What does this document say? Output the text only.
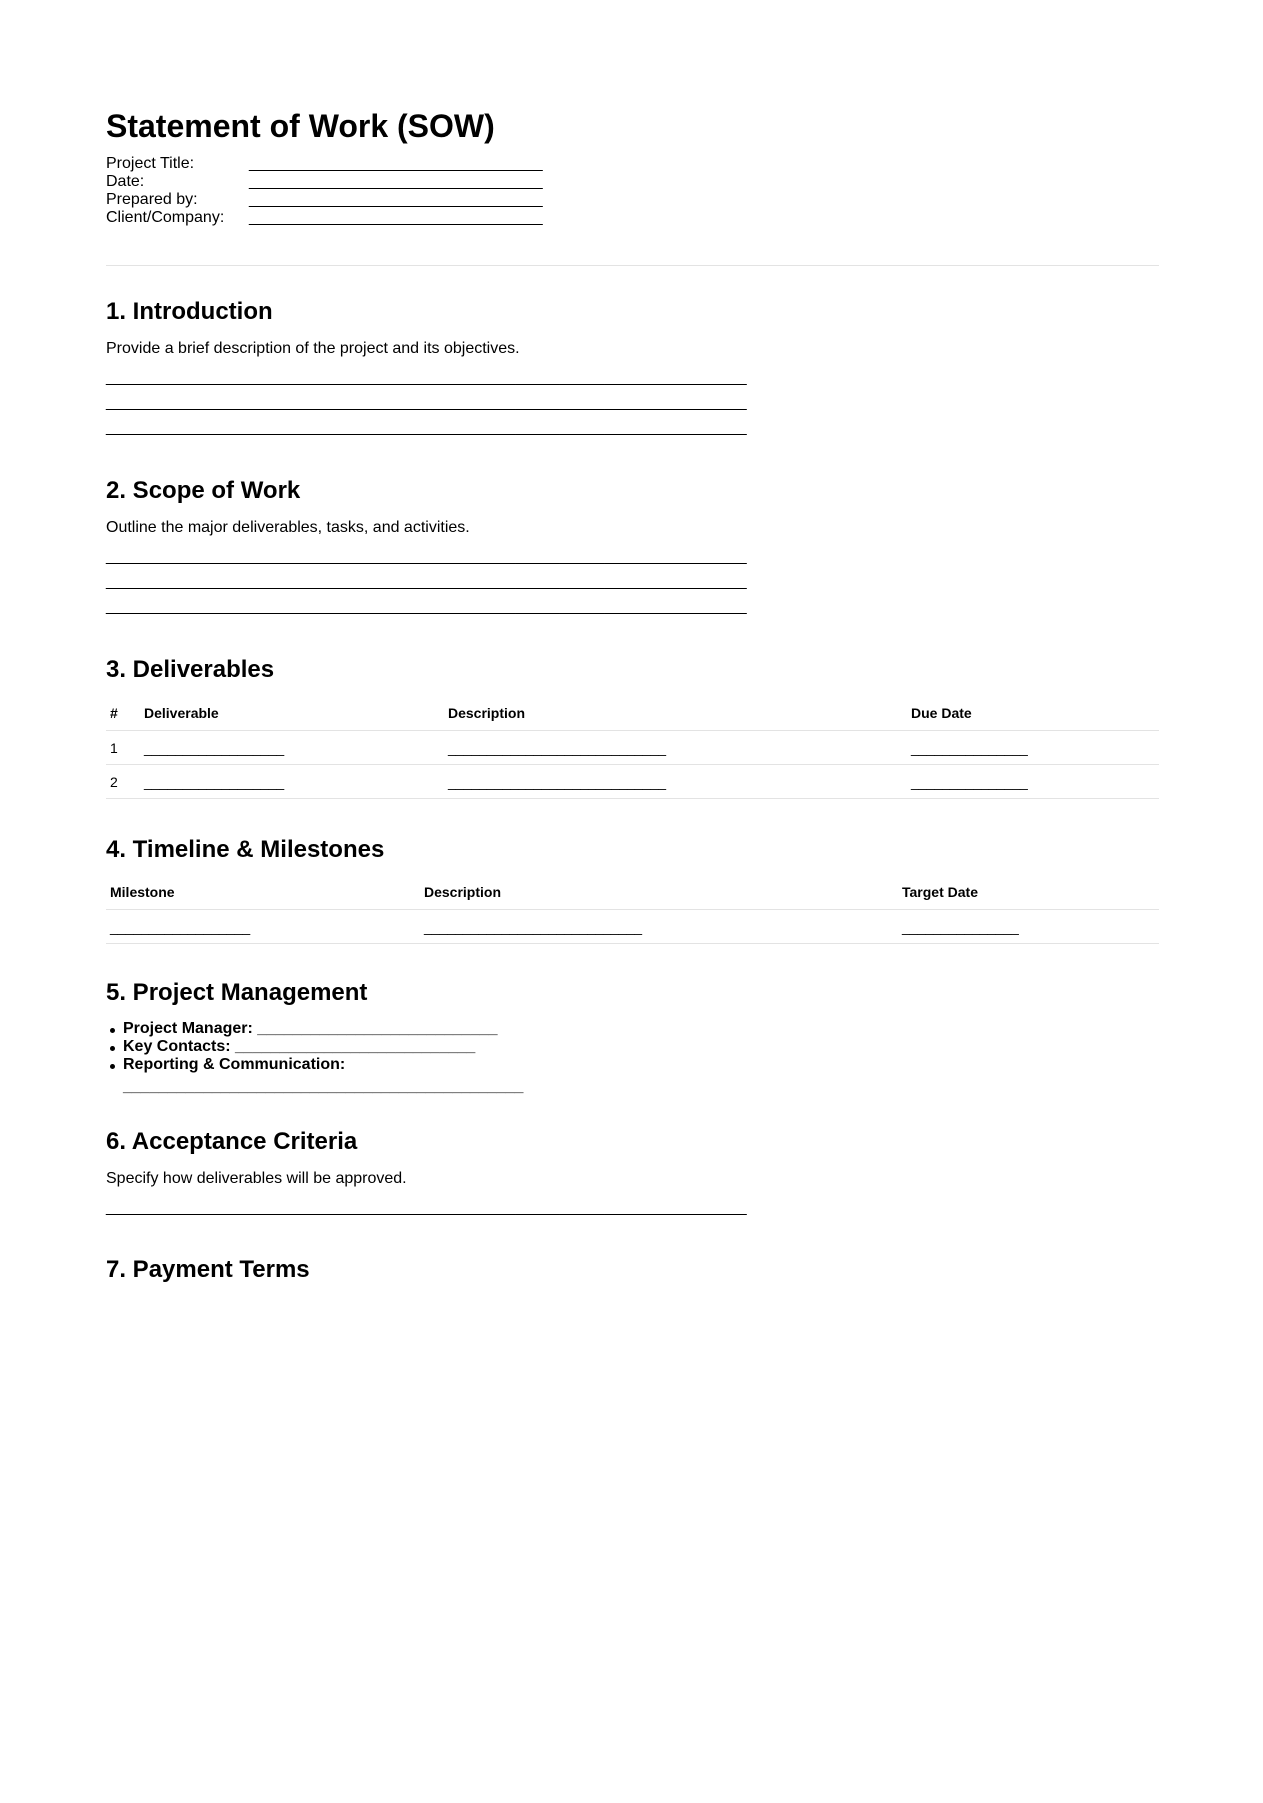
Statement of Work (SOW)
Project Title:	_________________________________
Date:	_________________________________
Prepared by:	_________________________________
Client/Company: _________________________________
1. Introduction

Provide a brief description of the project and its objectives.

________________________________________________________________________

________________________________________________________________________

________________________________________________________________________

2. Scope of Work

Outline the major deliverables, tasks, and activities.

________________________________________________________________________

________________________________________________________________________

________________________________________________________________________

3. Deliverables
#	Deliverable	Description	Due Date
1	__________________	____________________________	_______________
2	__________________	____________________________	_______________
4. Timeline & Milestones
Milestone	Description	Target Date
__________________	____________________________	_______________
5. Project Management
Project Manager: ___________________________
Key Contacts: ___________________________
Reporting & Communication:
_____________________________________________
6. Acceptance Criteria

Specify how deliverables will be approved.

________________________________________________________________________

7. Payment Terms
